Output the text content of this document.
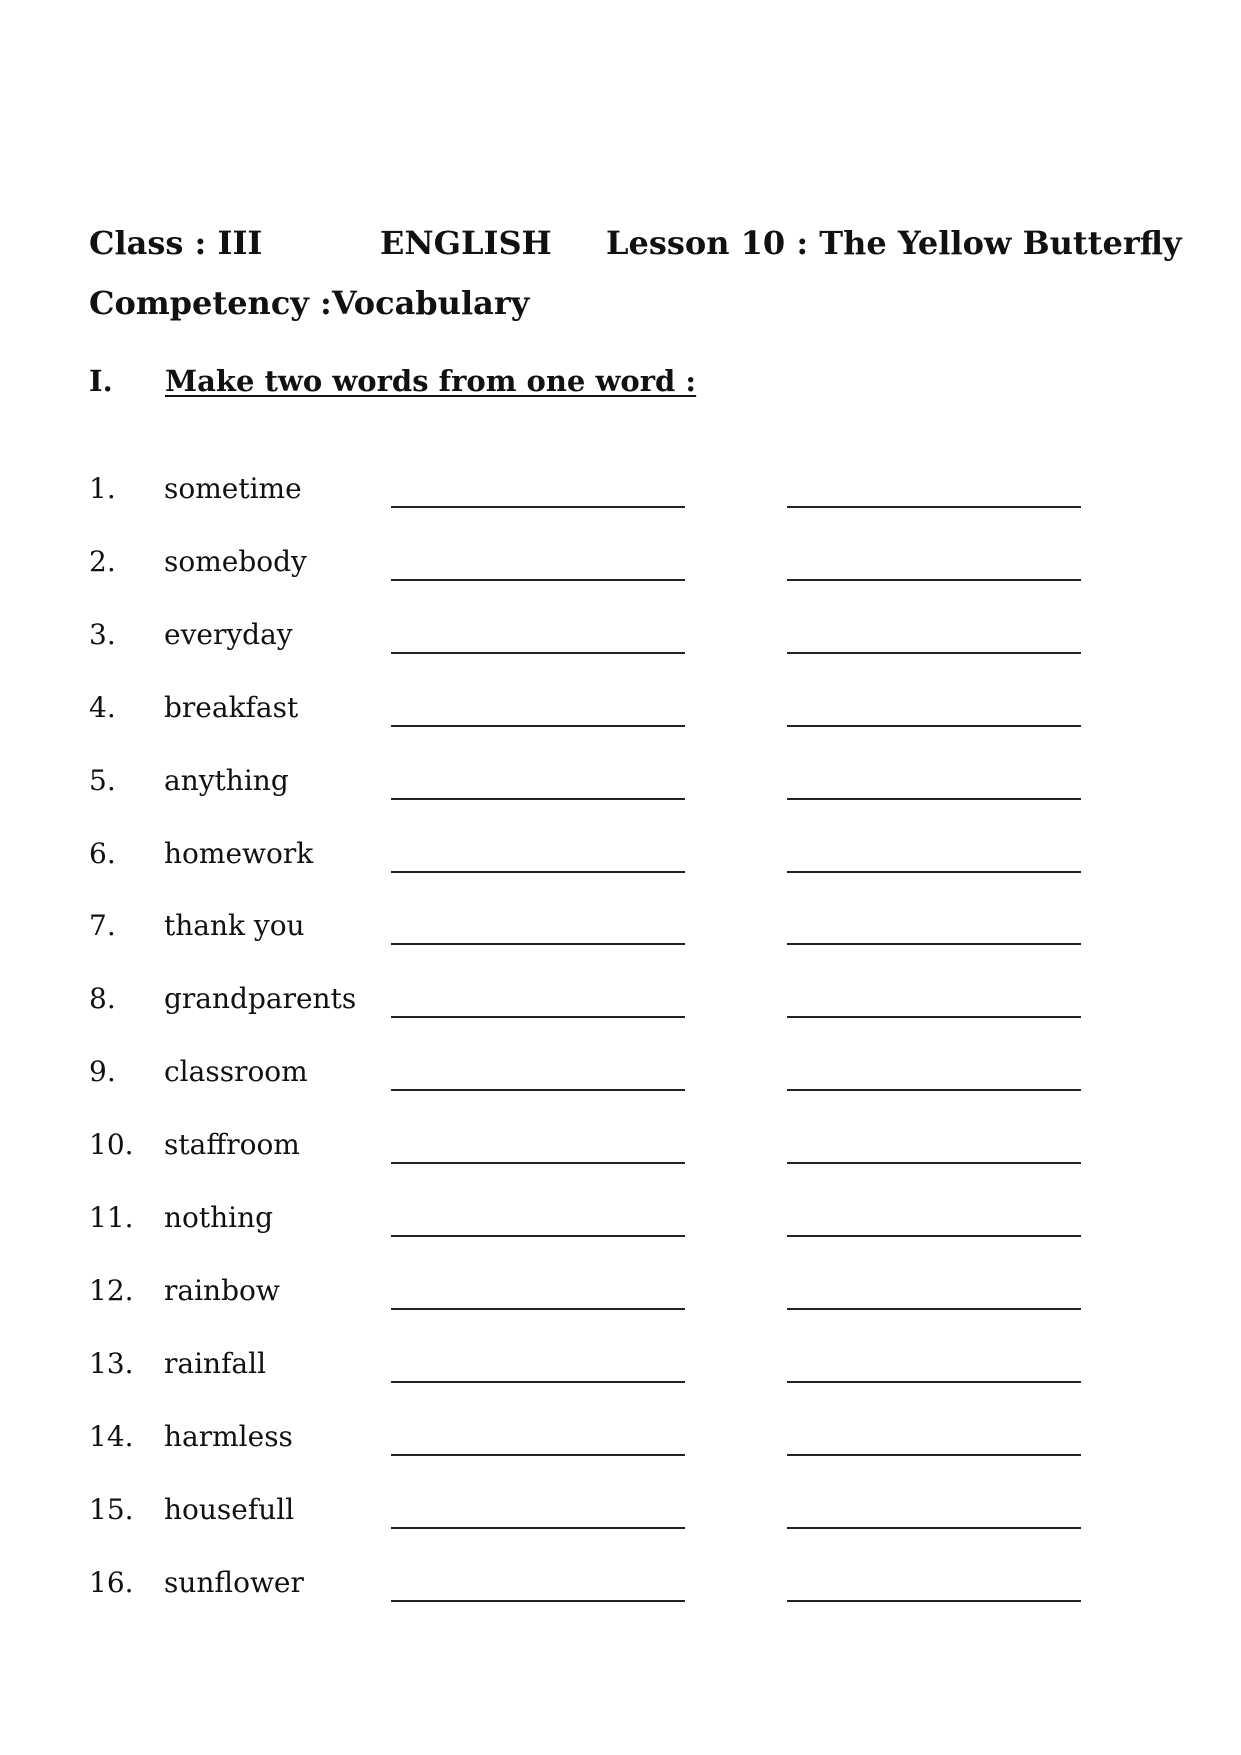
Class : III	ENGLISH Lesson 10 : The Yellow Butterfly
Competency :Vocabulary
I. Make two words from one word :
1. sometime
2. somebody
3. everyday
4. breakfast
5. anything
6. homework
7. thank you
8. grandparents
9. classroom
10. staffroom
11. nothing
12. rainbow
13. rainfall
14. harmless
15. housefull
16. sunflower
